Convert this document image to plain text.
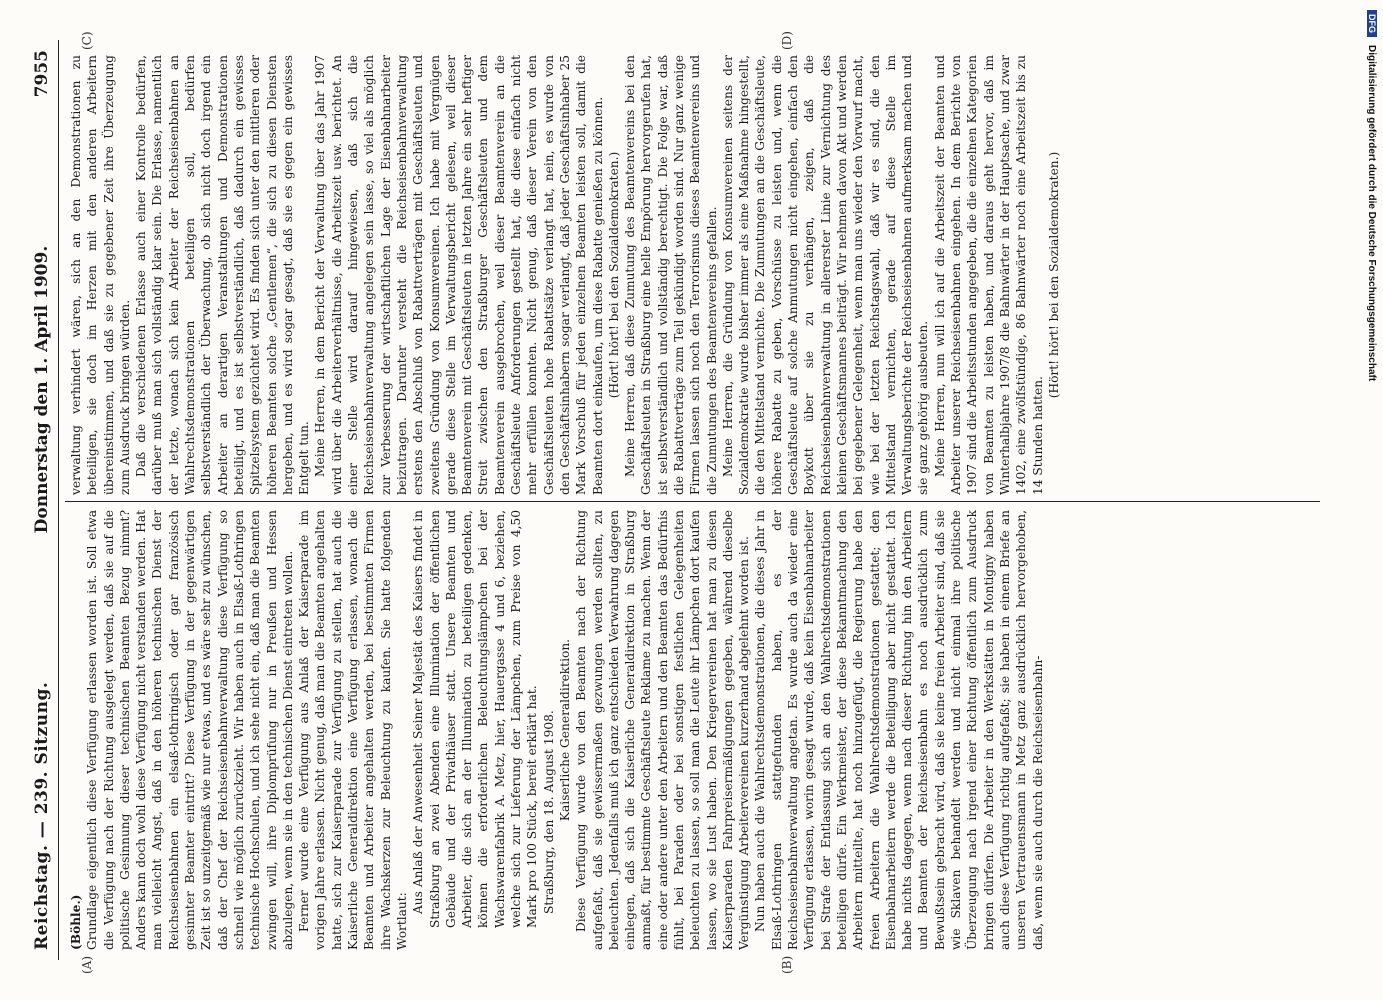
Reichstag. — 239. Sitzung.
Donnerstag den 1. April 1909.
7955
(A)	(B)
(C)	(D)

(Böhle.) Grundlage eigentlich diese Verfügung erlassen worden ist. Soll etwa die Verfügung nach der Richtung ausgelegt werden, daß sie auf die politische Gesinnung dieser technischen Beamten Bezug nimmt? Anders kann doch wohl diese Verfügung nicht verstanden werden. Hat man vielleicht Angst, daß in den höheren technischen Dienst der Reichseisenbahnen ein elsaß-lothringisch oder gar französisch gesinnter Beamter eintritt? Diese Verfügung in der gegenwärtigen Zeit ist so unzeitgemäß wie nur etwas, und es wäre sehr zu wünschen, daß der Chef der Reichseisenbahnverwaltung diese Verfügung so schnell wie möglich zurückzieht. Wir haben auch in Elsaß-Lothringen technische Hochschulen, und ich sehe nicht ein, daß man die Beamten zwingen will, ihre Diplomprüfung nur in Preußen und Hessen abzulegen, wenn sie in den technischen Dienst eintreten wollen. Ferner wurde eine Verfügung aus Anlaß der Kaiserparade im vorigen Jahre erlassen. Nicht genug, daß man die Beamten angehalten hatte, sich zur Kaiserparade zur Verfügung zu stellen, hat auch die Kaiserliche Generaldirektion eine Verfügung erlassen, wonach die Beamten und Arbeiter angehalten werden, bei bestimmten Firmen ihre Wachskerzen zur Beleuchtung zu kaufen. Sie hatte folgenden Wortlaut:

Aus Anlaß der Anwesenheit Seiner Majestät des Kaisers findet in Straßburg an zwei Abenden eine Illumination der öffentlichen Gebäude und der Privathäuser statt. Unsere Beamten und Arbeiter, die sich an der Illumination zu beteiligen gedenken, können die erforderlichen Beleuchtungslämpchen bei der Wachswarenfabrik A. Metz, hier, Hauergasse 4 und 6, beziehen, welche sich zur Lieferung der Lämpchen, zum Preise von 4,50 Mark pro 100 Stück, bereit erklärt hat. Straßburg, den 18. August 1908. Kaiserliche Generaldirektion. Diese Verfügung wurde von den Beamten nach der Richtung aufgefaßt, daß sie gewissermaßen gezwungen werden sollten, zu beleuchten. Jedenfalls muß ich ganz entschieden Verwahrung dagegen einlegen, daß sich die Kaiserliche Generaldirektion in Straßburg anmaßt, für bestimmte Geschäftsleute Reklame zu machen. Wenn der eine oder andere unter den Arbeitern und den Beamten das Bedürfnis fühlt, bei Paraden oder bei sonstigen festlichen Gelegenheiten beleuchten zu lassen, so soll man die Leute ihr Lämpchen dort kaufen lassen, wo sie Lust haben. Den Kriegervereinen hat man zu diesen Kaiserparaden Fahrpreisermäßigungen gegeben, während dieselbe Vergünstigung Arbeitervereinen kurzerhand abgelehnt worden ist. Nun haben auch die Wahlrechtsdemonstrationen, die dieses Jahr in Elsaß-Lothringen stattgefunden haben, es der Reichseisenbahnverwaltung angetan. Es wurde auch da wieder eine Verfügung erlassen, worin gesagt wurde, daß kein Eisenbahnarbeiter bei Strafe der Entlassung sich an den Wahlrechtsdemonstrationen beteiligen dürfe. Ein Werkmeister, der diese Bekanntmachung den Arbeitern mitteilte, hat noch hinzugefügt, die Regierung habe den freien Arbeitern die Wahlrechtsdemonstrationen gestattet; den Eisenbahnarbeitern werde die Beteiligung aber nicht gestattet. Ich habe nichts dagegen, wenn nach dieser Richtung hin den Arbeitern und Beamten der Reichseisenbahn es noch ausdrücklich zum Bewußtsein gebracht wird, daß sie keine freien Arbeiter sind, daß sie wie Sklaven behandelt werden und nicht einmal ihre politische Überzeugung nach irgend einer Richtung öffentlich zum Ausdruck bringen dürfen. Die Arbeiter in den Werkstätten in Montigny haben auch diese Verfügung richtig aufgefaßt; sie haben in einem Briefe an unseren Vertrauensmann in Metz ganz ausdrücklich hervorgehoben, daß, wenn sie auch durch die Reichseisenbahn-

verwaltung verhindert wären, sich an den Demonstrationen zu beteiligen, sie doch im Herzen mit den anderen Arbeitern übereinstimmen, und daß sie zu gegebener Zeit ihre Überzeugung zum Ausdruck bringen würden. Daß die verschiedenen Erlasse auch einer Kontrolle bedürfen, darüber muß man sich vollständig klar sein. Die Erlasse, namentlich der letzte, wonach sich kein Arbeiter der Reichseisenbahnen an Wahlrechtsdemonstrationen beteiligen soll, bedürfen selbstverständlich der Überwachung, ob sich nicht doch irgend ein Arbeiter an derartigen Veranstaltungen und Demonstrationen beteiligt, und es ist selbstverständlich, daß dadurch ein gewisses Spitzelsystem gezüchtet wird. Es finden sich unter den mittleren oder höheren Beamten solche „Gentlemen“, die sich zu diesen Diensten hergeben, und es wird sogar gesagt, daß sie es gegen ein gewisses Entgelt tun. Meine Herren, in dem Bericht der Verwaltung über das Jahr 1907 wird über die Arbeiterverhältnisse, die Arbeitszeit usw. berichtet. An einer Stelle wird darauf hingewiesen, daß sich die Reichseisenbahnverwaltung angelegen sein lasse, so viel als möglich zur Verbesserung der wirtschaftlichen Lage der Eisenbahnarbeiter beizutragen. Darunter versteht die Reichseisenbahnverwaltung erstens den Abschluß von Rabattverträgen mit Geschäftsleuten und zweitens Gründung von Konsumvereinen. Ich habe mit Vergnügen gerade diese Stelle im Verwaltungsbericht gelesen, weil dieser Beamtenverein mit Geschäftsleuten in letzten Jahre ein sehr heftiger Streit zwischen den Straßburger Geschäftsleuten und dem Beamtenverein ausgebrochen, weil dieser Beamtenverein an die Geschäftsleute Anforderungen gestellt hat, die diese einfach nicht mehr erfüllen konnten. Nicht genug, daß dieser Verein von den Geschäftsleuten hohe Rabattsätze verlangt hat, nein, es wurde von den Geschäftsinhabern sogar verlangt, daß jeder Geschäftsinhaber 25 Mark Vorschuß für jeden einzelnen Beamten leisten soll, damit die Beamten dort einkaufen, um diese Rabatte genießen zu können. (Hört! hört! bei den Sozialdemokraten.) Meine Herren, daß diese Zumutung des Beamtenvereins bei den Geschäftsleuten in Straßburg eine helle Empörung hervorgerufen hat, ist selbstverständlich und vollständig berechtigt. Die Folge war, daß die Rabattverträge zum Teil gekündigt worden sind. Nur ganz wenige Firmen lassen sich noch den Terrorismus dieses Beamtenvereins und die Zumutungen des Beamtenvereins gefallen. Meine Herren, die Gründung von Konsumvereinen seitens der Sozialdemokratie wurde bisher immer als eine Maßnahme hingestellt, die den Mittelstand vernichte. Die Zumutungen an die Geschäftsleute, höhere Rabatte zu geben, Vorschüsse zu leisten und, wenn die Geschäftsleute auf solche Anmutungen nicht eingehen, einfach den Boykott über sie zu verhängen, zeigen, daß die Reichseisenbahnverwaltung in allererster Linie zur Vernichtung des kleinen Geschäftsmannes beiträgt. Wir nehmen davon Akt und werden bei gegebener Gelegenheit, wenn man uns wieder den Vorwurf macht, wie bei der letzten Reichstagswahl, daß wir es sind, die den Mittelstand vernichten, gerade auf diese Stelle im Verwaltungsberichte der Reichseisenbahnen aufmerksam machen und sie ganz gehörig ausbeuten. Meine Herren, nun will ich auf die Arbeitszeit der Beamten und Arbeiter unserer Reichseisenbahnen eingehen. In dem Berichte von 1907 sind die Arbeitsstunden angegeben, die die einzelnen Kategorien von Beamten zu leisten haben, und daraus geht hervor, daß im Winterhalbjahre 1907/8 die Bahnwärter in der Hauptsache, und zwar 1402, eine zwölfstündige, 86 Bahnwärter noch eine Arbeitszeit bis zu 14 Stunden hatten.

(Hört! hört! bei den Sozialdemokraten.)

DFGDigitalisierung gefördert durch die Deutsche Forschungsgemeinschaft
